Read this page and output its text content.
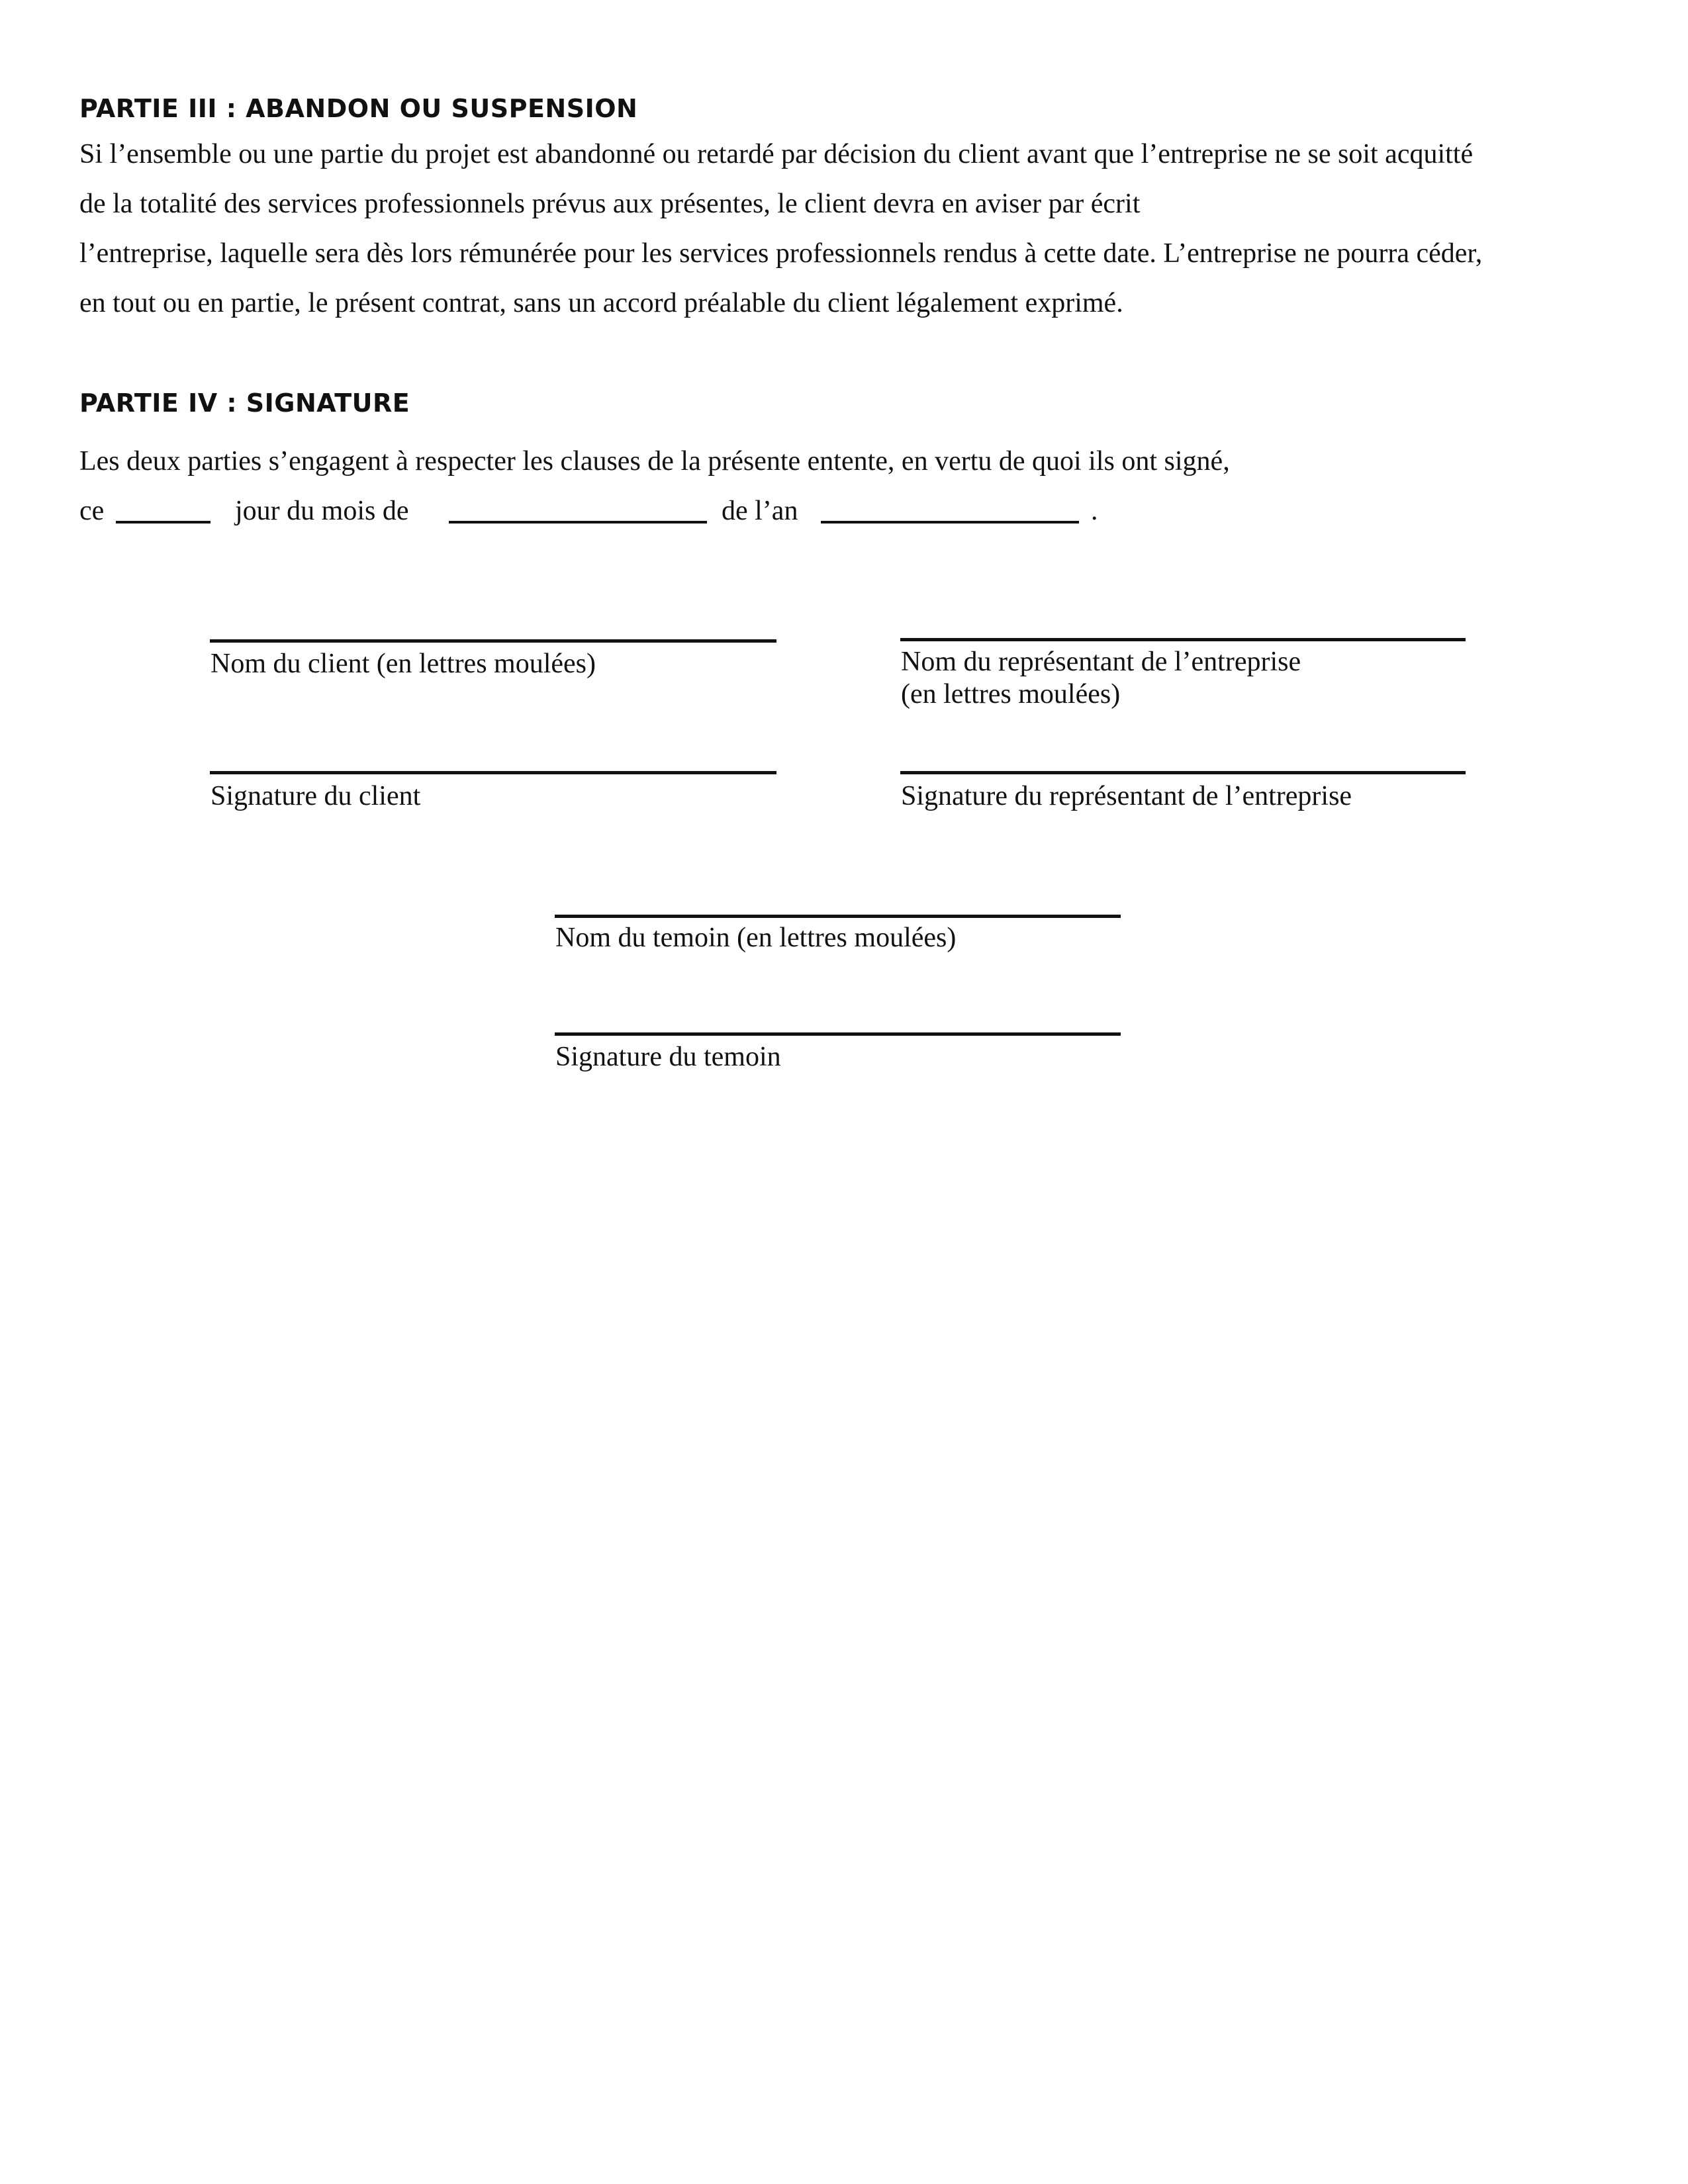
PARTIE III : ABANDON OU SUSPENSION
Si l’ensemble ou une partie du projet est abandonné ou retardé par décision du client avant que l’entreprise ne se soit acquitté
de la totalité des services professionnels prévus aux présentes, le client devra en aviser par écrit
l’entreprise, laquelle sera dès lors rémunérée pour les services professionnels rendus à cette date. L’entreprise ne pourra céder,
en tout ou en partie, le présent contrat, sans un accord préalable du client légalement exprimé.
PARTIE IV : SIGNATURE
Les deux parties s’engagent à respecter les clauses de la présente entente, en vertu de quoi ils ont signé,
ce	jour du mois de	de l’an	.
Nom du client (en lettres moulées)	Nom du représentant de l’entreprise
(en lettres moulées)
Signature du client	Signature du représentant de l’entreprise
Nom du temoin (en lettres moulées)
Signature du temoin
